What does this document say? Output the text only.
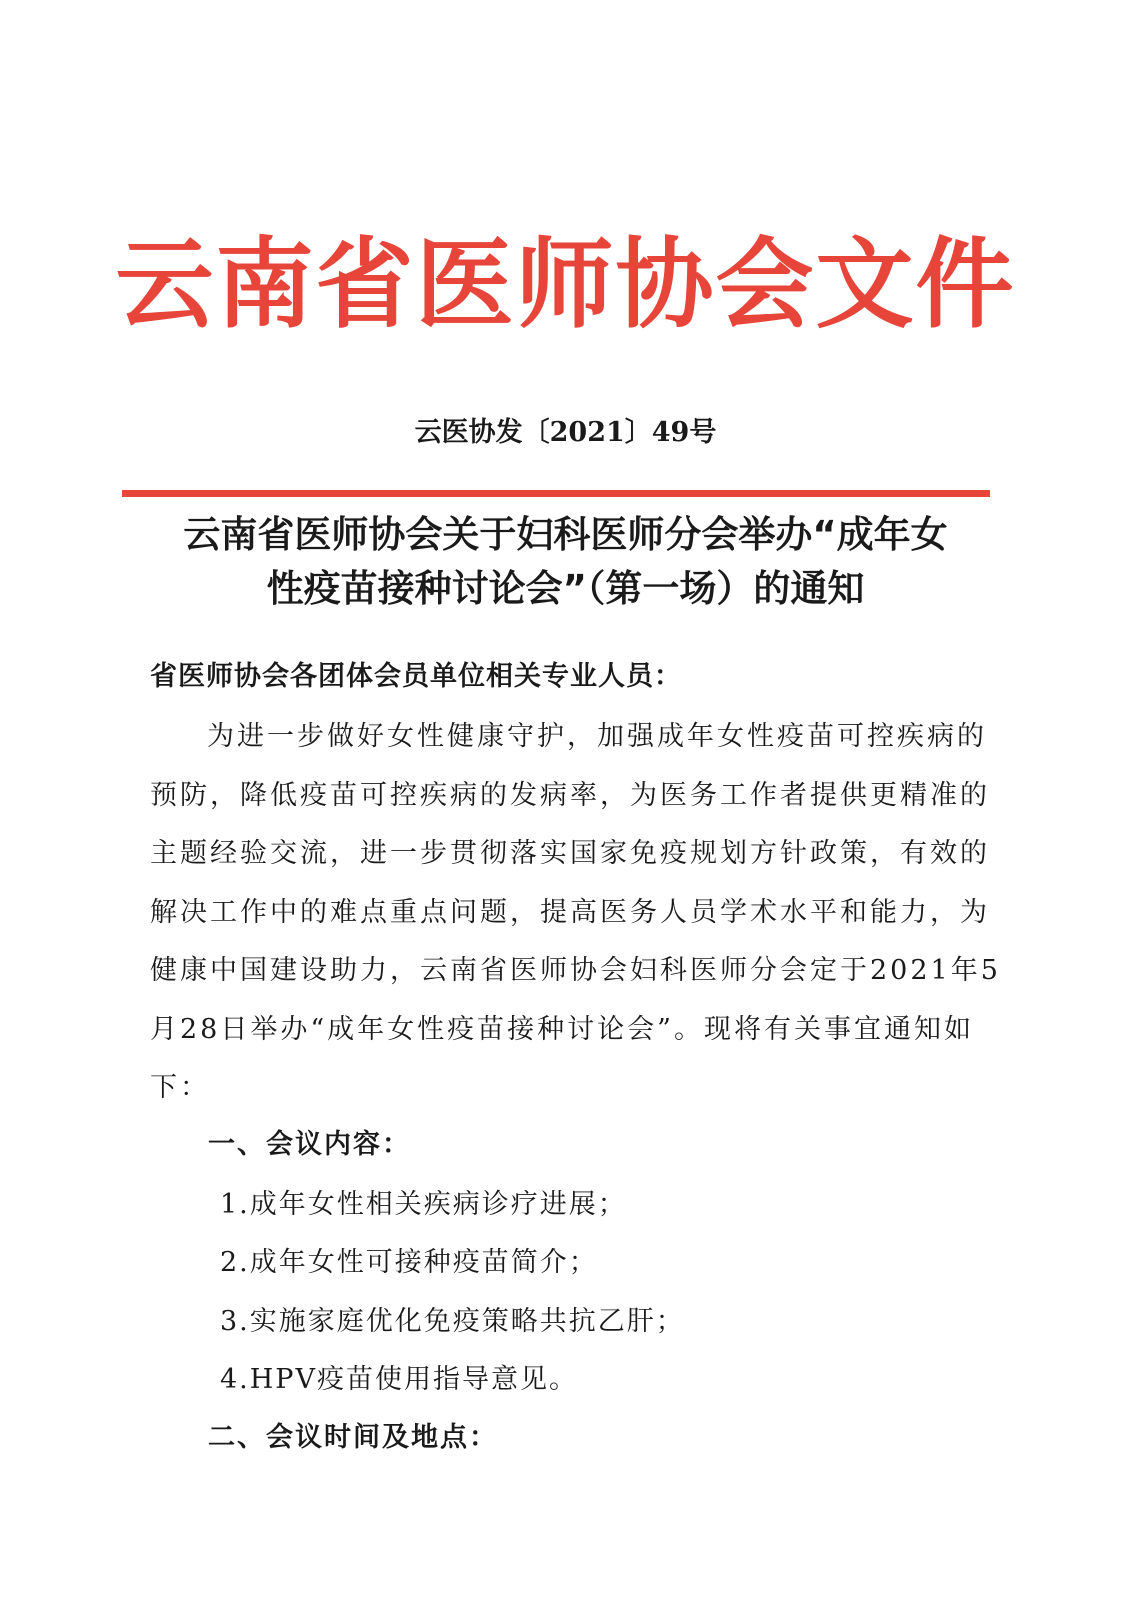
云南省医师协会文件
云医协发〔2021〕49号
云南省医师协会关于妇科医师分会举办“成年女
性疫苗接种讨论会”（第一场）的通知
省医师协会各团体会员单位相关专业人员：
为进一步做好女性健康守护，加强成年女性疫苗可控疾病的
预防，降低疫苗可控疾病的发病率，为医务工作者提供更精准的
主题经验交流，进一步贯彻落实国家免疫规划方针政策，有效的
解决工作中的难点重点问题，提高医务人员学术水平和能力，为
健康中国建设助力，云南省医师协会妇科医师分会定于2021年5
月28日举办“成年女性疫苗接种讨论会”。现将有关事宜通知如
下：
一、会议内容：
1.成年女性相关疾病诊疗进展；
2.成年女性可接种疫苗简介；
3.实施家庭优化免疫策略共抗乙肝；
4.HPV疫苗使用指导意见。
二、会议时间及地点：
